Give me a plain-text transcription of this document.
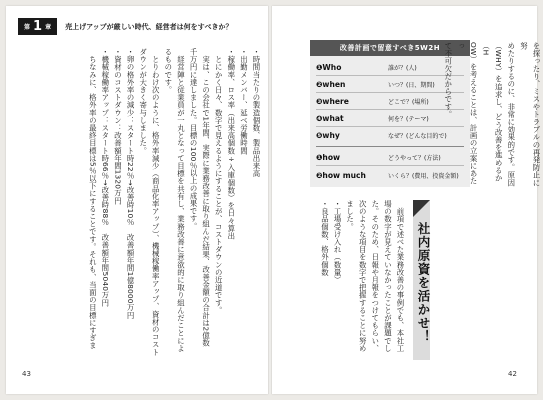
第 1 章 売上げアップが厳しい時代、経営者は何をすべきか？
・時間当たりの製造個数、製品出来高
・出勤メンバー、延べ労働時間
・稼働率、ロス率（出来高個数÷入庫個数）を日々算出
　とにかく日々、数字で見えるようにすることが、コストダウンの近道です。
　実は、この会社で1年間、実際に業務改善に取り組んだ結果、改善金額の合計は2億数
千万円に達しました。目標の100％以上の成果です。
　経営陣と従業員が一丸となって目標を共有し、業務改善に意欲的に取り組んだことによるものです。
　とりわけ次のように、格外率減少（商品化率アップ）、機械稼働率アップ、資材のコスト
ダウンが大きく寄与しました。
・卵の格外率の減少：スタート時22％→改善時10％　改善額年間1億8000万円
・資材のコストダウン：改善額年間1320万円
・機械稼働率アップ：スタート時66％→改善時88％　改善額年間5040万円
　ちなみに、格外率の最終目標は5％以下にすることです。それも、当面の目標にすぎま
43
改善計画で留意すべき5W2H
❶Who	誰が？(人)
❷when	いつ？(日、期間)
❸where	どこで？(場所)
❹what	何を？(テーマ)
❺why	なぜ？(どんな目的で)
❶how	どうやって？(方法)
❷how much	いくら？(費用、投資金額)	を探ったり、ミスやトラブルの再発防止に努
めたりするのに、非常に効果的です。原因
（WHY）を追求し、どう改善を進めるか（H
OW）を考えることは、計画の立案にあたっ
て不可欠だからです。
社内原資を活かせ！
　前項で述べた業務改善の事例でも、本社工
場の数字が見えていなかったことが課題でし
た。そのため、日報や月報をつけてもらい、
次のような項目を数字で把握することに努め
ました。
・工場受け入れ（数量）
・良品個数、格外個数
42
